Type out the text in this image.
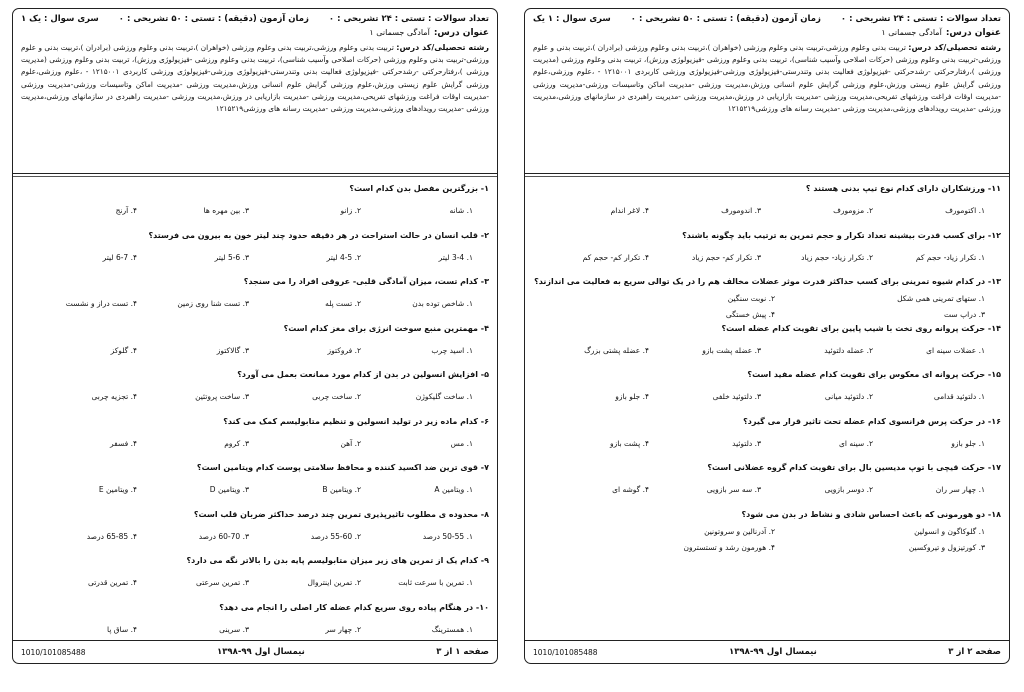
تعداد سوالات : تستی : ۲۴ تشریحی : ۰
زمان آزمون (دقیقه) : تستی : ۵۰ تشریحی : ۰
سری سوال : یک ۱
عنوان درس:آمادگی جسمانی ۱
رشته تحصیلی/کد درس: تربیت بدنی وعلوم ورزشی،تربیت بدنی وعلوم ورزشی (خواهران )،تربیت بدنی وعلوم ورزشی (برادران )،تربیت بدنی و علوم ورزشی-تربیت بدنی وعلوم ورزشی (حرکات اصلاحی وآسیب شناسی)، تربیت بدنی وعلوم ورزشی -فیزیولوژی ورزش)، تربیت بدنی وعلوم ورزشی (مدیریت ورزشی )،رفتارحرکتی -رشدحرکتی -فیزیولوژی فعالیت بدنی وتندرستی-فیزیولوژی ورزشی-فیزیولوژی ورزشی کاربردی ۱۲۱۵۰۰۱ - ،علوم ورزشی،علوم ورزشی گرایش علوم زیستی ورزش،علوم ورزشی گرایش علوم انسانی ورزش،مدیریت ورزشی -مدیریت اماکن وتاسیسات ورزشی-مدیریت ورزشی -مدیریت اوقات فراغت ورزشهای تفریحی،مدیریت ورزشی -مدیریت بازاریابی در ورزش،مدیریت ورزشی -مدیریت راهبردی در سازمانهای ورزشی،مدیریت ورزشی -مدیریت رویدادهای ورزشی،مدیریت ورزشی -مدیریت رسانه های ورزشی۱۲۱۵۲۱۹
۱- بزرگترین مفصل بدن کدام است؟
۱. شانه
۲. زانو
۳. بین مهره ها
۴. آرنج
۲- قلب انسان در حالت استراحت در هر دقیقه حدود چند لیتر خون به بیرون می فرستد؟
۱. 3-4 لیتر
۲. 4-5 لیتر
۳. 5-6 لیتر
۴. 6-7 لیتر
۳- کدام تست، میزان آمادگی قلبی- عروقی افراد را می سنجد؟
۱. شاخص توده بدن
۲. تست پله
۳. تست شنا روی زمین
۴. تست دراز و نشست
۴- مهمترین منبع سوخت انرژی برای مغز کدام است؟
۱. اسید چرب
۲. فروکتوز
۳. گالاکتوز
۴. گلوکز
۵- افزایش انسولین در بدن از کدام مورد ممانعت بعمل می آورد؟
۱. ساخت گلیکوژن
۲. ساخت چربی
۳. ساخت پروتئین
۴. تجزیه چربی
۶- کدام ماده زیر در تولید انسولین و تنظیم متابولیسم کمک می کند؟
۱. مس
۲. آهن
۳. کروم
۴. فسفر
۷- قوی ترین ضد اکسید کننده و محافظ سلامتی پوست کدام ویتامین است؟
۱. ویتامین A
۲. ویتامین B
۳. ویتامین D
۴. ویتامین E
۸- محدوده ی مطلوب تاثیرپذیری تمرین چند درصد حداکثر ضربان قلب است؟
۱. 50-55 درصد
۲. 55-60 درصد
۳. 60-70 درصد
۴. 65-85 درصد
۹- کدام یک از تمرین های زیر میزان متابولیسم پایه بدن را بالاتر نگه می دارد؟
۱. تمرین با سرعت ثابت
۲. تمرین اینتروال
۳. تمرین سرعتی
۴. تمرین قدرتی
۱۰- در هنگام پیاده روی سریع کدام عضله کار اصلی را انجام می دهد؟
۱. همسترینگ
۲. چهار سر
۳. سرینی
۴. ساق پا
صفحه ۱ از ۳
نیمسال اول ۹۹-۱۳۹۸
1010/101085488
تعداد سوالات : تستی : ۲۴ تشریحی : ۰
زمان آزمون (دقیقه) : تستی : ۵۰ تشریحی : ۰
سری سوال : ۱ یک
عنوان درس:آمادگی جسمانی ۱
رشته تحصیلی/کد درس: تربیت بدنی وعلوم ورزشی،تربیت بدنی وعلوم ورزشی (خواهران )،تربیت بدنی وعلوم ورزشی (برادران )،تربیت بدنی و علوم ورزشی-تربیت بدنی وعلوم ورزشی (حرکات اصلاحی وآسیب شناسی)، تربیت بدنی وعلوم ورزشی -فیزیولوژی ورزش)، تربیت بدنی وعلوم ورزشی (مدیریت ورزشی )،رفتارحرکتی -رشدحرکتی -فیزیولوژی فعالیت بدنی وتندرستی-فیزیولوژی ورزشی-فیزیولوژی ورزشی کاربردی ۱۲۱۵۰۰۱ - ،علوم ورزشی،علوم ورزشی گرایش علوم زیستی ورزش،علوم ورزشی گرایش علوم انسانی ورزش،مدیریت ورزشی -مدیریت اماکن وتاسیسات ورزشی-مدیریت ورزشی -مدیریت اوقات فراغت ورزشهای تفریحی،مدیریت ورزشی -مدیریت بازاریابی در ورزش،مدیریت ورزشی -مدیریت راهبردی در سازمانهای ورزشی،مدیریت ورزشی -مدیریت رویدادهای ورزشی،مدیریت ورزشی -مدیریت رسانه های ورزشی۱۲۱۵۲۱۹
۱۱- ورزشکاران دارای کدام نوع تیپ بدنی هستند ؟
۱. اکتومورف
۲. مزومورف
۳. اندومورف
۴. لاغر اندام
۱۲- برای کسب قدرت بیشینه تعداد تکرار و حجم تمرین به ترتیب باید چگونه باشند؟
۱. تکرار زیاد- حجم کم
۲. تکرار زیاد- حجم زیاد
۳. تکرار کم- حجم زیاد
۴. تکرار کم- حجم کم
۱۳- در کدام شیوه تمرینی برای کسب حداکثر قدرت موثر عضلات مخالف هم را در یک توالی سریع به فعالیت می اندازند؟
۱. ستهای تمرینی همی شکل
۲. نوبت سنگین
۳. دراپ ست
۴. پیش خستگی
۱۴- حرکت پروانه روی تخت با شیب پایین برای تقویت کدام عضله است؟
۱. عضلات سینه ای
۲. عضله دلتوئید
۳. عضله پشت بازو
۴. عضله پشتی بزرگ
۱۵- حرکت پروانه ای معکوس برای تقویت کدام عضله مفید است؟
۱. دلتوئید قدامی
۲. دلتوئید میانی
۳. دلتوئید خلفی
۴. جلو بازو
۱۶- در حرکت پرس فرانسوی کدام عضله تحت تاثیر قرار می گیرد؟
۱. جلو بازو
۲. سینه ای
۳. دلتوئید
۴. پشت بازو
۱۷- حرکت قیچی با توپ مدیسین بال برای تقویت کدام گروه عضلانی است؟
۱. چهار سر ران
۲. دوسر بازویی
۳. سه سر بازویی
۴. گوشه ای
۱۸- دو هورمونی که باعث احساس شادی و نشاط در بدن می شود؟
۱. گلوکاگون و انسولین
۲. آدرنالین و سروتونین
۳. کورتیزول و تیروکسین
۴. هورمون رشد و تستسترون
صفحه ۲ از ۳
نیمسال اول ۹۹-۱۳۹۸
1010/101085488
